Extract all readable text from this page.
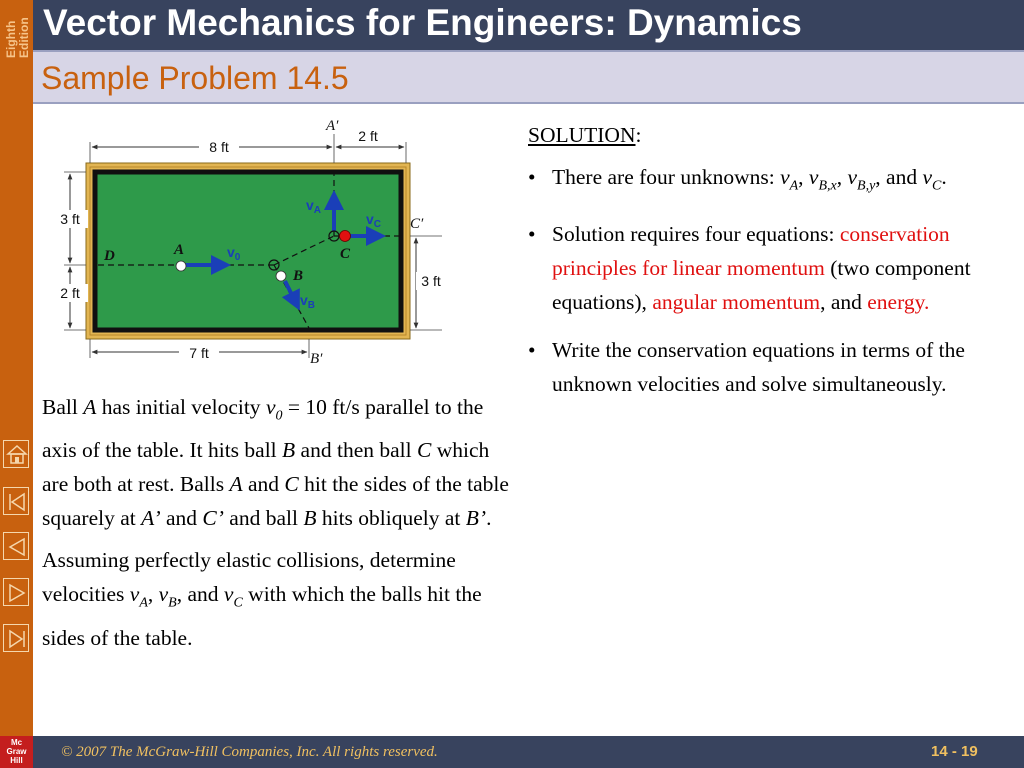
Eighth Edition
Mc
Graw
Hill
Vector Mechanics for Engineers: Dynamics
Sample Problem 14.5
8 ft
2 ft
7 ft
3 ft
2 ft
3 ft
A′
B′
C′
D	A
B
C
$v_0$
$v_A$
$v_C$
$v_B$

Ball A has initial velocity $v_0 = 10$ ft/s parallel to the axis of the table. It hits ball B and then ball C which are both at rest. Balls A and C hit the sides of the table squarely at A’ and C’ and ball B hits obliquely at B’.

Assuming perfectly elastic collisions, determine velocities $v_A$, $v_B$, and $v_C$ with which the balls hit the sides of the table.

SOLUTION:
• There are four unknowns: $v_A$, $v_{B,x}$, $v_{B,y}$, and $v_C$.
• Solution requires four equations: conservation principles for linear momentum (two component equations), angular momentum, and energy.
• Write the conservation equations in terms of the unknown velocities and solve simultaneously.
© 2007 The McGraw-Hill Companies, Inc. All rights reserved.	14 - 19
